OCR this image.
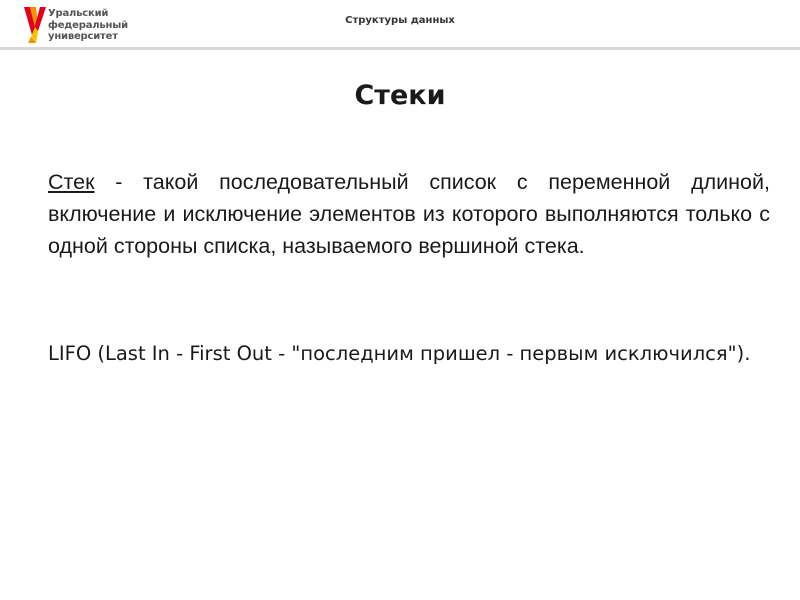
Уральский
федеральный
университет
Структуры данных
Стеки
Стек - такой последовательный список с переменной длиной, включение и исключение элементов из которого выполняются только с одной стороны списка, называемого вершиной стека.
LIFO (Last In - First Out - "последним пришел - первым исключился").
